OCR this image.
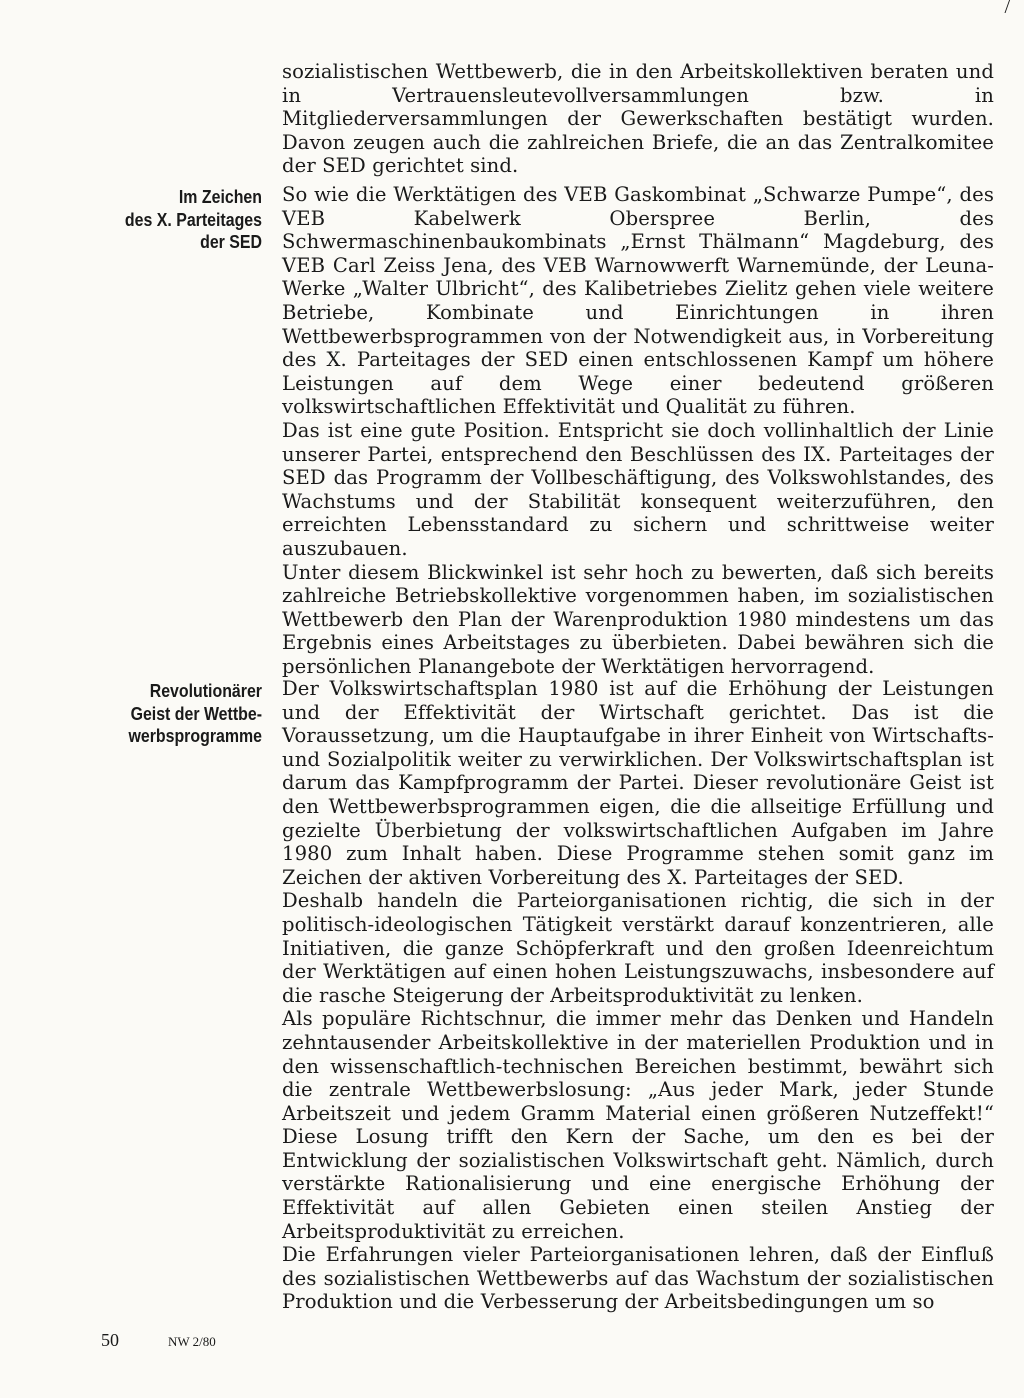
/

sozialistischen Wettbewerb, die in den Arbeitskollektiven beraten und in Vertrauensleutevollversammlungen bzw. in Mitgliederversammlungen der Gewerkschaften bestätigt wurden. Davon zeugen auch die zahlreichen Briefe, die an das Zentralkomitee der SED gerichtet sind.

Im Zeichen
des X. Parteitages
der SED

So wie die Werktätigen des VEB Gaskombinat „Schwarze Pumpe“, des VEB Kabelwerk Oberspree Berlin, des Schwermaschinenbaukombinats „Ernst Thälmann“ Magdeburg, des VEB Carl Zeiss Jena, des VEB Warnowwerft Warnemünde, der Leuna-Werke „Walter Ulbricht“, des Kalibetriebes Zielitz gehen viele weitere Betriebe, Kombinate und Einrichtungen in ihren Wettbewerbsprogrammen von der Notwendigkeit aus, in Vorbereitung des X. Parteitages der SED einen entschlossenen Kampf um höhere Leistungen auf dem Wege einer bedeutend größeren volkswirtschaftlichen Effektivität und Qualität zu führen.

Das ist eine gute Position. Entspricht sie doch vollinhaltlich der Linie unserer Partei, entsprechend den Beschlüssen des IX. Parteitages der SED das Programm der Vollbeschäftigung, des Volkswohlstandes, des Wachstums und der Stabilität konsequent weiterzuführen, den erreichten Lebensstandard zu sichern und schrittweise weiter auszubauen.

Unter diesem Blickwinkel ist sehr hoch zu bewerten, daß sich bereits zahlreiche Betriebskollektive vorgenommen haben, im sozialistischen Wettbewerb den Plan der Warenproduktion 1980 mindestens um das Ergebnis eines Arbeitstages zu überbieten. Dabei bewähren sich die persönlichen Planangebote der Werktätigen hervorragend.

Revolutionärer
Geist der Wettbe-
werbsprogramme

Der Volkswirtschaftsplan 1980 ist auf die Erhöhung der Leistungen und der Effektivität der Wirtschaft gerichtet. Das ist die Voraussetzung, um die Hauptaufgabe in ihrer Einheit von Wirtschafts- und Sozialpolitik weiter zu verwirklichen. Der Volkswirtschaftsplan ist darum das Kampfprogramm der Partei. Dieser revolutionäre Geist ist den Wettbewerbsprogrammen eigen, die die allseitige Erfüllung und gezielte Überbietung der volkswirtschaftlichen Aufgaben im Jahre 1980 zum Inhalt haben. Diese Programme stehen somit ganz im Zeichen der aktiven Vorbereitung des X. Parteitages der SED.

Deshalb handeln die Parteiorganisationen richtig, die sich in der politisch-ideologischen Tätigkeit verstärkt darauf konzentrieren, alle Initiativen, die ganze Schöpferkraft und den großen Ideenreichtum der Werktätigen auf einen hohen Leistungszuwachs, insbesondere auf die rasche Steigerung der Arbeitsproduktivität zu lenken.

Als populäre Richtschnur, die immer mehr das Denken und Handeln zehntausender Arbeitskollektive in der materiellen Produktion und in den wissenschaftlich-technischen Bereichen bestimmt, bewährt sich die zentrale Wettbewerbslosung: „Aus jeder Mark, jeder Stunde Arbeitszeit und jedem Gramm Material einen größeren Nutzeffekt!“ Diese Losung trifft den Kern der Sache, um den es bei der Entwicklung der sozialistischen Volkswirtschaft geht. Nämlich, durch verstärkte Rationalisierung und eine energische Erhöhung der Effektivität auf allen Gebieten einen steilen Anstieg der Arbeitsproduktivität zu erreichen.

Die Erfahrungen vieler Parteiorganisationen lehren, daß der Einfluß des sozialistischen Wettbewerbs auf das Wachstum der sozialistischen Produktion und die Verbesserung der Arbeitsbedingungen um so

50	NW 2/80
